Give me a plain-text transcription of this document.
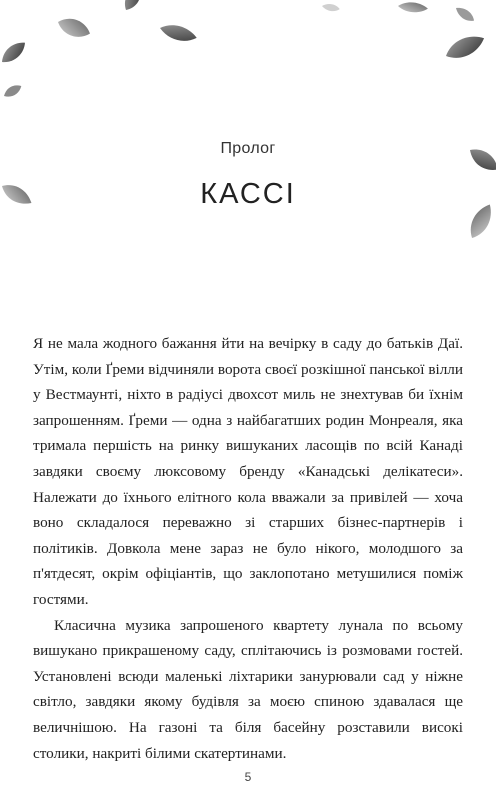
Пролог
КАССІ

Я не мала жодного бажання йти на вечірку в саду до батьків Даї. Утім, коли Ґреми відчиняли ворота своєї розкішної панської вілли у Вестмаунті, ніхто в радіусі двохсот миль не знехтував би їхнім запрошенням. Ґреми — одна з найбагатших родин Монреаля, яка тримала першість на ринку вишуканих ласощів по всій Канаді завдяки своєму люксовому бренду «Канадські делікатеси». Належати до їхнього елітного кола вважали за привілей — хоча воно складалося переважно зі старших бізнес-партнерів і політиків. Довкола мене зараз не було нікого, молодшого за п'ятдесят, окрім офіціантів, що заклопотано метушилися поміж гостями.

Класична музика запрошеного квартету лунала по всьому вишукано прикрашеному саду, сплітаючись із розмовами гостей. Установлені всюди маленькі ліхтарики занурювали сад у ніжне світло, завдяки якому будівля за моєю спиною здавалася ще величнішою. На газоні та біля басейну розставили високі столики, накриті білими скатертинами.

5
